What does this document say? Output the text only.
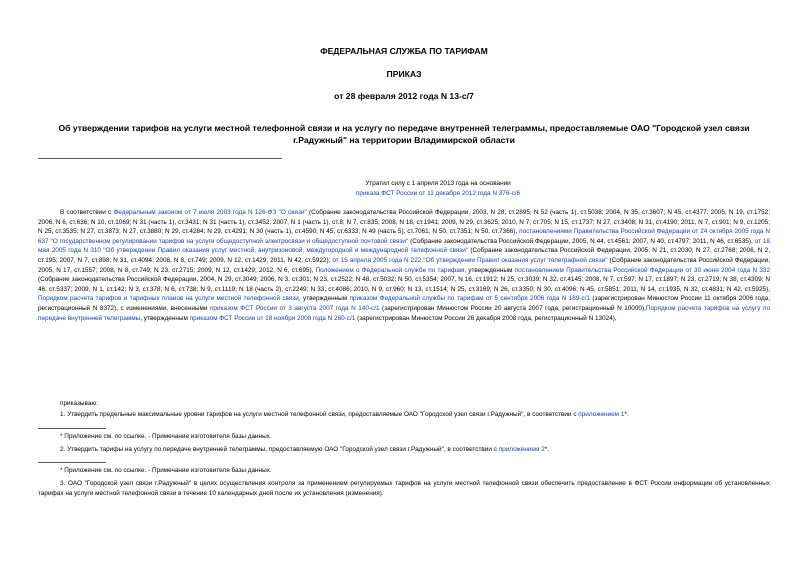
ФЕДЕРАЛЬНАЯ СЛУЖБА ПО ТАРИФАМ
ПРИКАЗ
от 28 февраля 2012 года N 13-с/7
Об утверждении тарифов на услуги местной телефонной связи и на услугу по передаче внутренней телеграммы, предоставляемые ОАО "Городской узел связи г.Радужный" на территории Владимирской области
Утратил силу с 1 апреля 2013 года на основании
приказа ФСТ России от 11 декабря 2012 года N 376-с/6
В соответствии с Федеральным законом от 7 июля 2003 года N 126-ФЗ "О связи" (Собрание законодательства Российской Федерации, 2003, N 28, ст.2895; N 52 (часть 1), ст.5038; 2004, N 35, ст.3607; N 45, ст.4377; 2005, N 19, ст.1752; 2006, N 6, ст.636; N 10, ст.1069; N 31 (часть 1), ст.3431; N 31 (часть 1), ст.3452; 2007, N 1 (часть 1), ст.8; N 7, ст.835; 2008, N 18, ст.1941; 2009, N 29, ст.3625; 2010, N 7, ст.705; N 15, ст.1737; N 27, ст.3408; N 31, ст.4190; 2011, N 7, ст.901; N 9, ст.1205; N 25, ст.3535; N 27, ст.3873; N 27, ст.3880; N 29, ст.4284; N 29, ст.4291; N 30 (часть 1), ст.4590; N 45, ст.6333; N 49 (часть 5), ст.7061; N 50, ст.7351; N 50, ст.7366), постановлениями Правительства Российской Федерации от 24 октября 2005 года N 637 "О государственном регулировании тарифов на услуги общедоступной электросвязи и общедоступной почтовой связи" (Собрание законодательства Российской Федерации, 2005, N 44, ст.4561; 2007, N 40, ст.4797; 2011, N 46, ст.6535), от 18 мая 2005 года N 310 "Об утверждении Правил оказания услуг местной, внутризоновой, междугородной и международной телефонной связи" (Собрание законодательства Российской Федерации, 2005, N 21, ст.2030; N 27, ст.2768; 2006, N 2, ст.195; 2007, N 7, ст.898; N 31, ст.4094; 2008, N 8, ст.749; 2009, N 12, ст.1429; 2011, N 42, ст.5922), от 15 апреля 2005 года N 222 "Об утверждении Правил оказания услуг телеграфной связи" (Собрание законодательства Российской Федерации, 2005, N 17, ст.1557; 2008, N 8, ст.749; N 23, ст.2715; 2009, N 12, ст.1429; 2012, N 6, ст.695), Положением о Федеральной службе по тарифам, утвержденным постановлением Правительства Российской Федерации от 30 июня 2004 года N 332 (Собрание законодательства Российской Федерации, 2004, N 29, ст.3049; 2006, N 3, ст.301; N 23, ст.2522; N 48, ст.5032; N 50, ст.5354; 2007, N 16, ст.1912; N 25, ст.3039; N 32, ст.4145; 2008, N 7, ст.597; N 17, ст.1897; N 23, ст.2719; N 38, ст.4309; N 46, ст.5337; 2009, N 1, ст.142; N 3, ст.378; N 6, ст.738; N 9, ст.1119; N 18 (часть 2), ст.2249; N 33, ст.4086; 2010, N 9, ст.960; N 13, ст.1514; N 25, ст.3169; N 26, ст.3350; N 30, ст.4096; N 45, ст.5851; 2011, N 14, ст.1935, N 32, ст.4831; N 42, ст.5925), Порядком расчета тарифов и тарифных планов на услуги местной телефонной связи, утвержденным приказом Федеральной службы по тарифам от 5 сентября 2006 года N 189-с/1 (зарегистрирован Минюстом России 11 октября 2006 года, регистрационный N 8372), с изменениями, внесенными приказом ФСТ России от 3 августа 2007 года N 140-с/1 (зарегистрирован Минюстом России 20 августа 2007 года, регистрационный N 10000),Порядком расчета тарифов на услугу по передаче внутренней телеграммы, утвержденным приказом ФСТ России от 18 ноября 2008 года N 260-с/1 (зарегистрирован Минюстом России 26 декабря 2008 года, регистрационный N 13024),
приказываю:
1. Утвердить предельные максимальные уровни тарифов на услуги местной телефонной связи, предоставляемые ОАО "Городской узел связи г.Радужный", в соответствии с приложением 1*.
* Приложение см. по ссылке. - Примечание изготовителя базы данных.
2. Утвердить тарифы на услугу по передаче внутренней телеграммы, предоставляемую ОАО "Городской узел связи г.Радужный", в соответствии с приложением 2*.
* Приложение см. по ссылке. - Примечание изготовителя базы данных.
3. ОАО "Городской узел связи г.Радужный" в целях осуществления контроля за применением регулируемых тарифов на услуги местной телефонной связи обеспечить предоставление в ФСТ России информации об установленных тарифах на услуги местной телефонной связи в течение 10 календарных дней после их установления (изменения).
